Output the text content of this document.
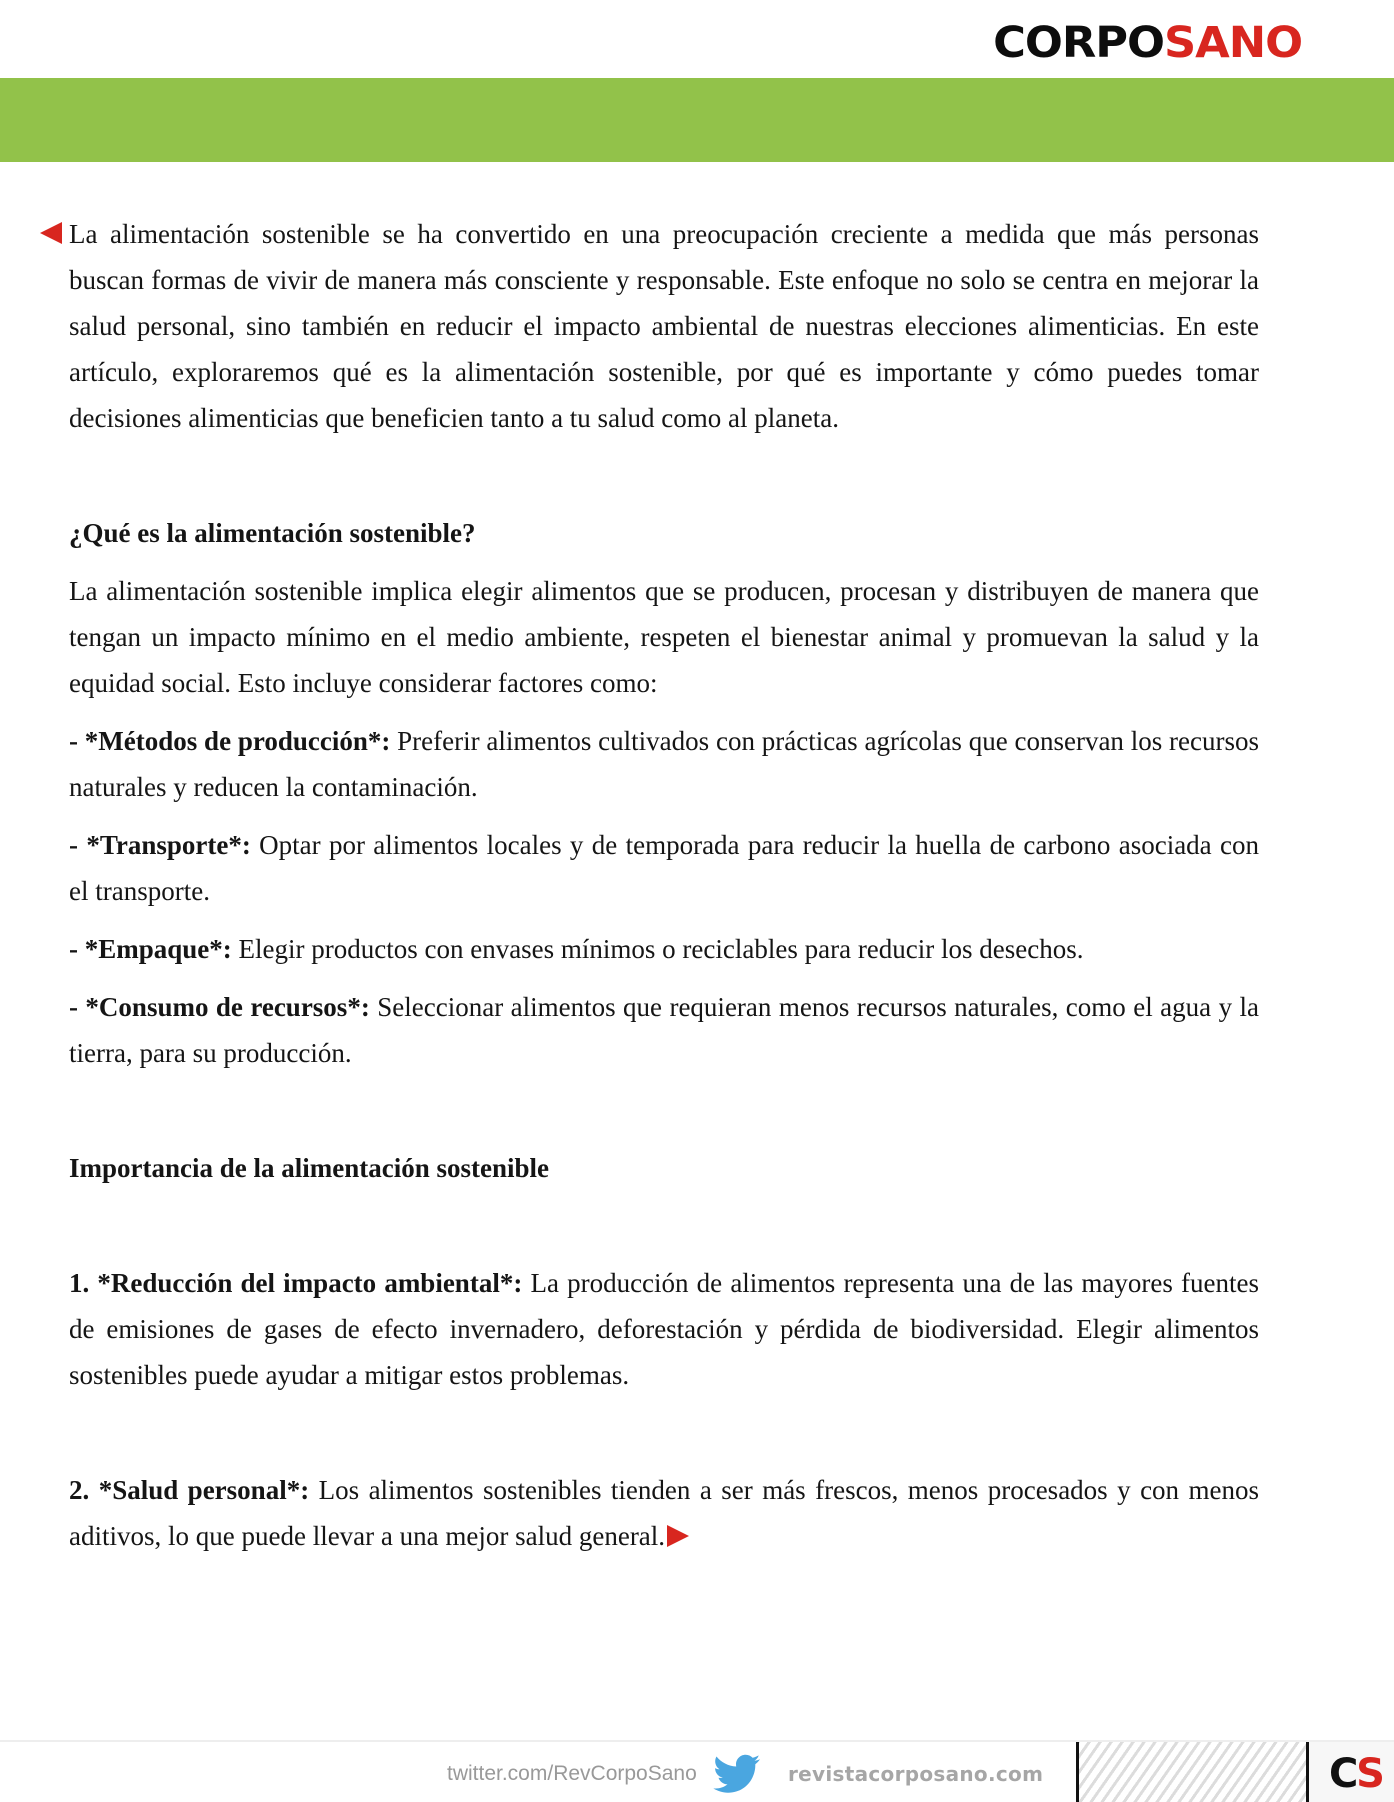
CORPOSANO

La alimentación sostenible se ha convertido en una preocupación creciente a medida que más personas buscan formas de vivir de manera más consciente y responsable. Este enfoque no solo se centra en mejorar la salud personal, sino también en reducir el impacto ambiental de nuestras elecciones alimenticias. En este artículo, exploraremos qué es la alimentación sostenible, por qué es importante y cómo puedes tomar decisiones alimenticias que beneficien tanto a tu salud como al planeta.

¿Qué es la alimentación sostenible?

La alimentación sostenible implica elegir alimentos que se producen, procesan y distribuyen de manera que tengan un impacto mínimo en el medio ambiente, respeten el bienestar animal y promuevan la salud y la equidad social. Esto incluye considerar factores como:

- *Métodos de producción*: Preferir alimentos cultivados con prácticas agrícolas que conservan los recursos naturales y reducen la contaminación.

- *Transporte*: Optar por alimentos locales y de temporada para reducir la huella de carbono asociada con el transporte.

- *Empaque*: Elegir productos con envases mínimos o reciclables para reducir los desechos.

- *Consumo de recursos*: Seleccionar alimentos que requieran menos recursos naturales, como el agua y la tierra, para su producción.

Importancia de la alimentación sostenible

1. *Reducción del impacto ambiental*: La producción de alimentos representa una de las mayores fuentes de emisiones de gases de efecto invernadero, deforestación y pérdida de biodiversidad. Elegir alimentos sostenibles puede ayudar a mitigar estos problemas.

2. *Salud personal*: Los alimentos sostenibles tienden a ser más frescos, menos procesados y con menos aditivos, lo que puede llevar a una mejor salud general.

twitter.com/RevCorpoSano	revistacorposano.com	CS
